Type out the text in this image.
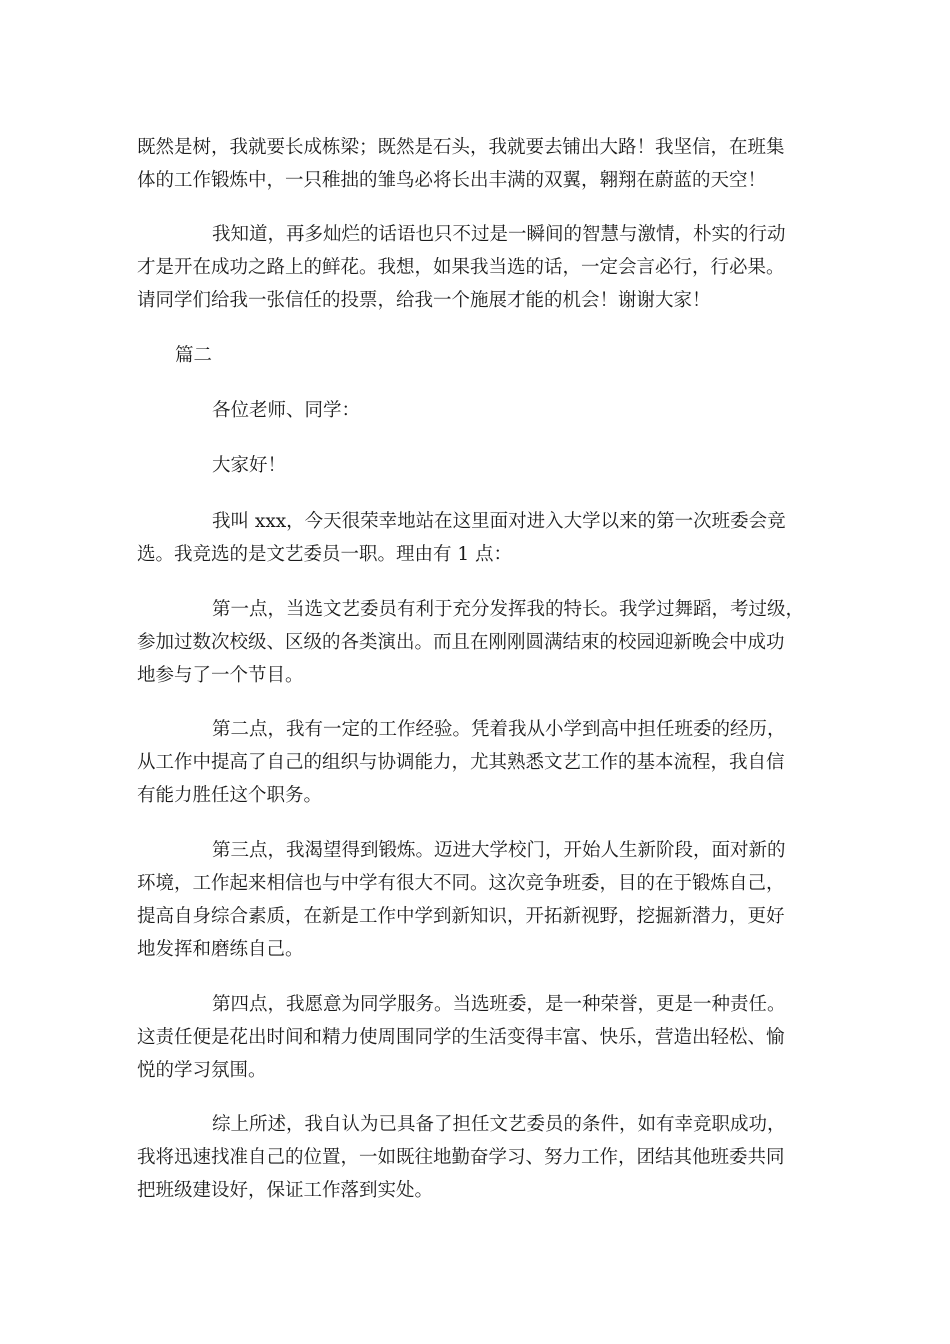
既然是树，我就要长成栋梁；既然是石头，我就要去铺出大路！我坚信，在班集
体的工作锻炼中，一只稚拙的雏鸟必将长出丰满的双翼，翱翔在蔚蓝的天空！

我知道，再多灿烂的话语也只不过是一瞬间的智慧与激情，朴实的行动
才是开在成功之路上的鲜花。我想，如果我当选的话，一定会言必行，行必果。
请同学们给我一张信任的投票，给我一个施展才能的机会！谢谢大家！

篇二

各位老师、同学：

大家好！

我叫 xxx，今天很荣幸地站在这里面对进入大学以来的第一次班委会竞
选。我竞选的是文艺委员一职。理由有 1 点：

第一点，当选文艺委员有利于充分发挥我的特长。我学过舞蹈，考过级，
参加过数次校级、区级的各类演出。而且在刚刚圆满结束的校园迎新晚会中成功
地参与了一个节目。

第二点，我有一定的工作经验。凭着我从小学到高中担任班委的经历，
从工作中提高了自己的组织与协调能力，尤其熟悉文艺工作的基本流程，我自信
有能力胜任这个职务。

第三点，我渴望得到锻炼。迈进大学校门，开始人生新阶段，面对新的
环境，工作起来相信也与中学有很大不同。这次竞争班委，目的在于锻炼自己，
提高自身综合素质，在新是工作中学到新知识，开拓新视野，挖掘新潜力，更好
地发挥和磨练自己。

第四点，我愿意为同学服务。当选班委，是一种荣誉，更是一种责任。
这责任便是花出时间和精力使周围同学的生活变得丰富、快乐，营造出轻松、愉
悦的学习氛围。

综上所述，我自认为已具备了担任文艺委员的条件，如有幸竞职成功，
我将迅速找准自己的位置，一如既往地勤奋学习、努力工作，团结其他班委共同
把班级建设好，保证工作落到实处。
